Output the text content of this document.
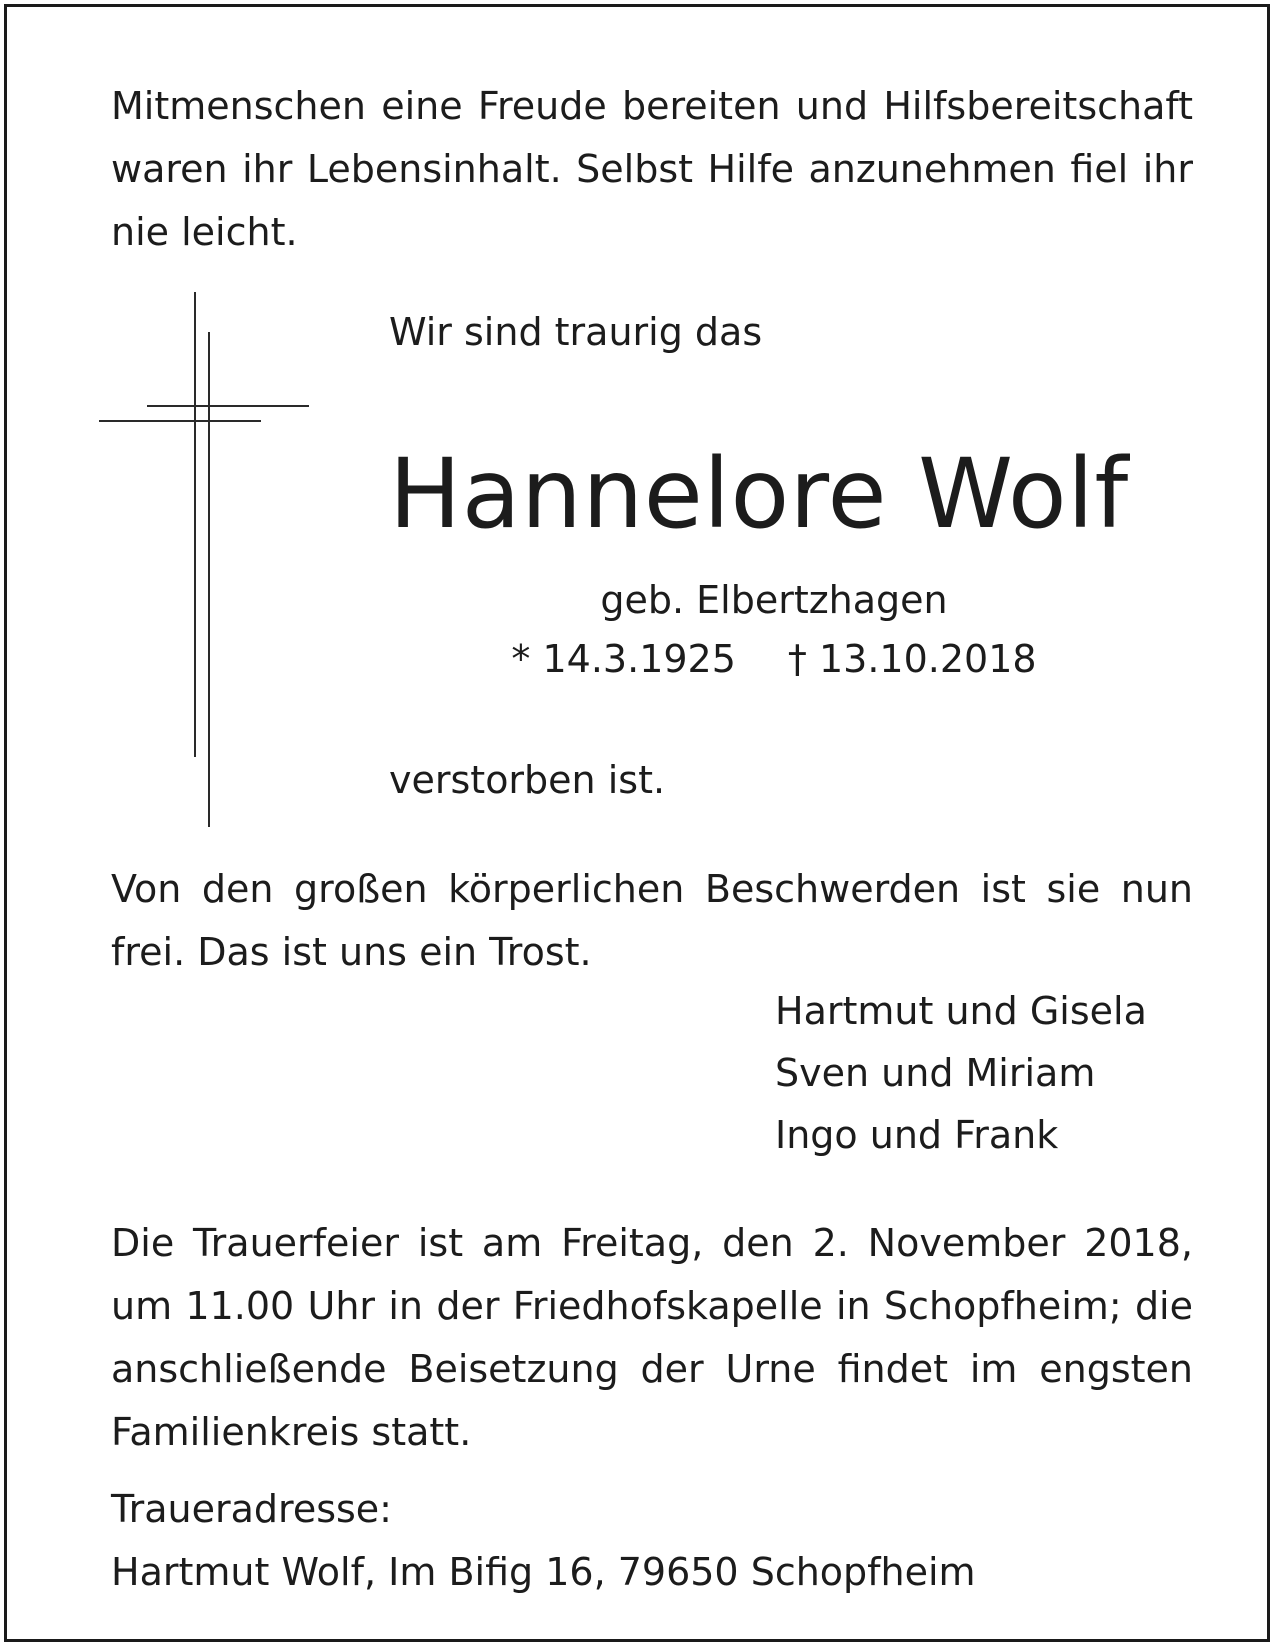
Mitmenschen eine Freude bereiten und Hilfsbereitschaft waren ihr Lebensinhalt. Selbst Hilfe anzunehmen fiel ihr nie leicht.

Wir sind traurig das
Hannelore Wolf
geb. Elbertzhagen
* 14.3.1925 † 13.10.2018
verstorben ist.

Von den großen körperlichen Beschwerden ist sie nun frei. Das ist uns ein Trost.

Hartmut und Gisela
Sven und Miriam
Ingo und Frank

Die Trauerfeier ist am Freitag, den 2. November 2018, um 11.00 Uhr in der Friedhofskapelle in Schopfheim; die anschließende Beisetzung der Urne findet im engsten Familienkreis statt.

Traueradresse:
Hartmut Wolf, Im Bifig 16, 79650 Schopfheim
